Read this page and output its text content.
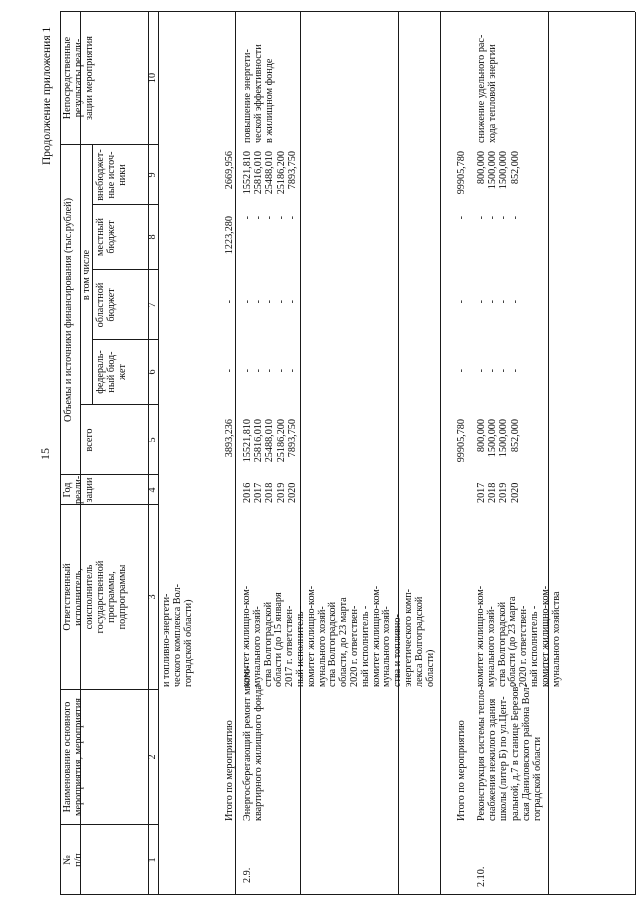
15
Продолжение приложения 1
№
п/п
Наименование основного
мероприятия, мероприятия
Ответственный
исполнитель,
соисполнитель
государственной
программы,
подпрограммы
Год
реали-
зации
Объемы и источники финансирования (тыс.рублей)
всего
в том числе
федераль-
ный бюд-
жет
областной
бюджет
местный
бюджет
внебюджет-
ные источ-
ники
Непосредственные
результаты реали-
зации мероприятия
1
2
3
4
5
6
7
8
9
10
и топливно-энергети-
ческого комплекса Вол-
гоградской области)
Итого по мероприятию
3893,236
-
-
1223,280
2669,956
2.9.
Энергосберегающий ремонт много-
квартирного жилищного фонда
комитет жилищно-ком-
мунального хозяй-
ства Волгоградской
области (до 15 января
2017 г. ответствен-
ный исполнитель -
комитет жилищно-ком-
мунального хозяй-
ства Волгоградской
области, до 23 марта
2020 г. ответствен-
ный исполнитель -
комитет жилищно-ком-
мунального хозяй-
ства и топливно-
энергетического комп-
лекса Волгоградской
области)
2016
2017
2018
2019
2020
15521,810
25816,010
25488,010
25186,200
7893,750
-
-
-
-
-
-
-
-
-
-
-
-
-
-
-
15521,810
25816,010
25488,010
25186,200
7893,750
повышение энергети-
ческой эффективности
в жилищном фонде
Итого по мероприятию
99905,780
-
-
-
99905,780
2.10.
Реконструкция системы тепло-
снабжения нежилого здания
школы (литер Б) по ул.Цент-
ральной, д.7 в станице Березов-
ская Даниловского района Вол-
гоградской области
комитет жилищно-ком-
мунального хозяй-
ства Волгоградской
области (до 23 марта
2020 г. ответствен-
ный исполнитель -
комитет жилищно-ком-
мунального хозяйства
2017
2018
2019
2020
800,000
1500,000
1500,000
852,000
-
-
-
-
-
-
-
-
-
-
-
-
800,000
1500,000
1500,000
852,000
снижение удельного рас-
хода тепловой энергии
